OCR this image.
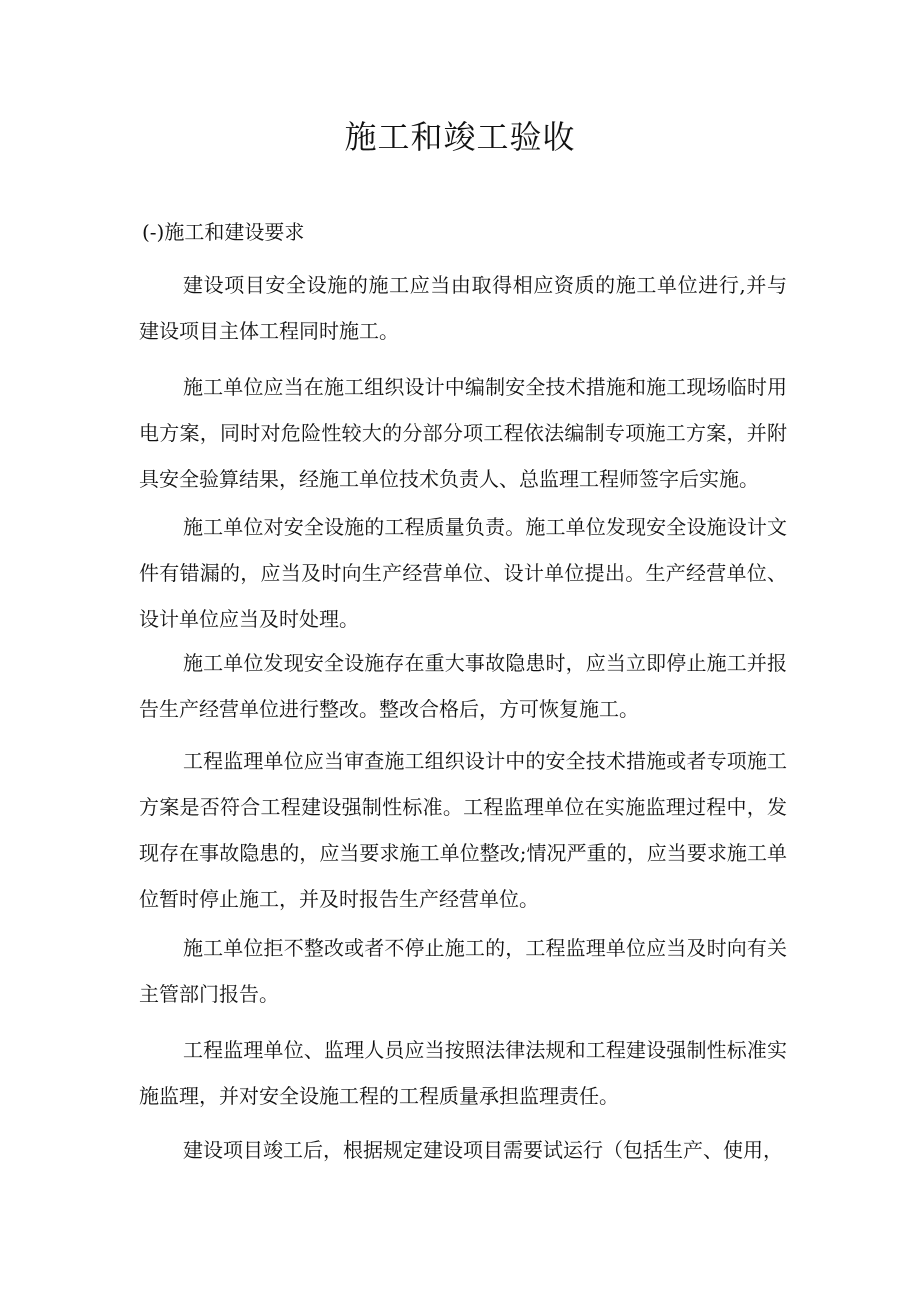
施工和竣工验收
(-)施工和建设要求

建设项目安全设施的施工应当由取得相应资质的施工单位进行,并与建设项目主体工程同时施工。

施工单位应当在施工组织设计中编制安全技术措施和施工现场临时用电方案，同时对危险性较大的分部分项工程依法编制专项施工方案，并附具安全验算结果，经施工单位技术负责人、总监理工程师签字后实施。

施工单位对安全设施的工程质量负责。施工单位发现安全设施设计文件有错漏的，应当及时向生产经营单位、设计单位提出。生产经营单位、设计单位应当及时处理。

施工单位发现安全设施存在重大事故隐患时，应当立即停止施工并报告生产经营单位进行整改。整改合格后，方可恢复施工。

工程监理单位应当审查施工组织设计中的安全技术措施或者专项施工方案是否符合工程建设强制性标准。工程监理单位在实施监理过程中，发现存在事故隐患的，应当要求施工单位整改;情况严重的，应当要求施工单位暂时停止施工，并及时报告生产经营单位。

施工单位拒不整改或者不停止施工的，工程监理单位应当及时向有关主管部门报告。

工程监理单位、监理人员应当按照法律法规和工程建设强制性标准实施监理，并对安全设施工程的工程质量承担监理责任。

建设项目竣工后，根据规定建设项目需要试运行（包括生产、使用，
